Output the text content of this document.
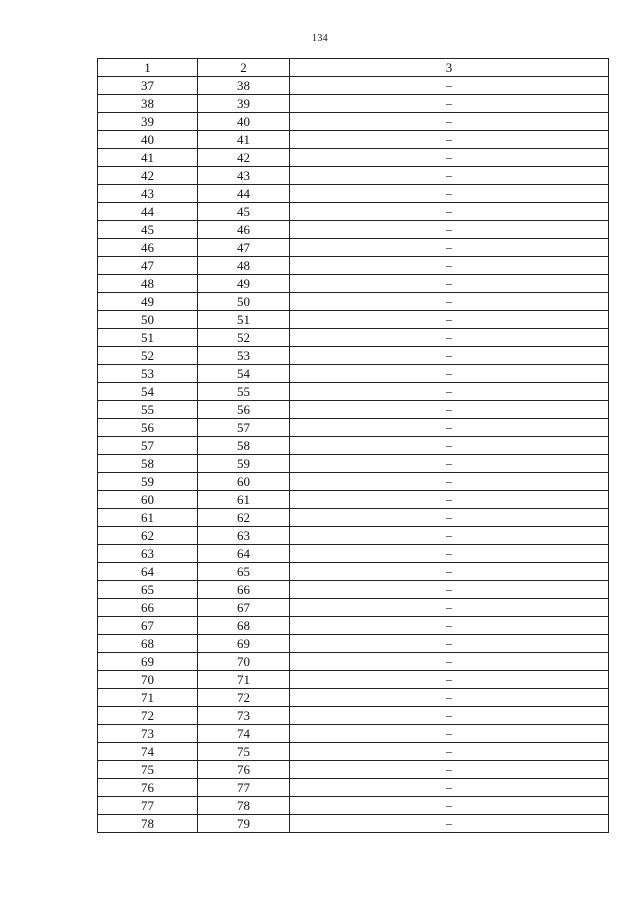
134
1	2	3
37	38	–
38	39	–
39	40	–
40	41	–
41	42	–
42	43	–
43	44	–
44	45	–
45	46	–
46	47	–
47	48	–
48	49	–
49	50	–
50	51	–
51	52	–
52	53	–
53	54	–
54	55	–
55	56	–
56	57	–
57	58	–
58	59	–
59	60	–
60	61	–
61	62	–
62	63	–
63	64	–
64	65	–
65	66	–
66	67	–
67	68	–
68	69	–
69	70	–
70	71	–
71	72	–
72	73	–
73	74	–
74	75	–
75	76	–
76	77	–
77	78	–
78	79	–
